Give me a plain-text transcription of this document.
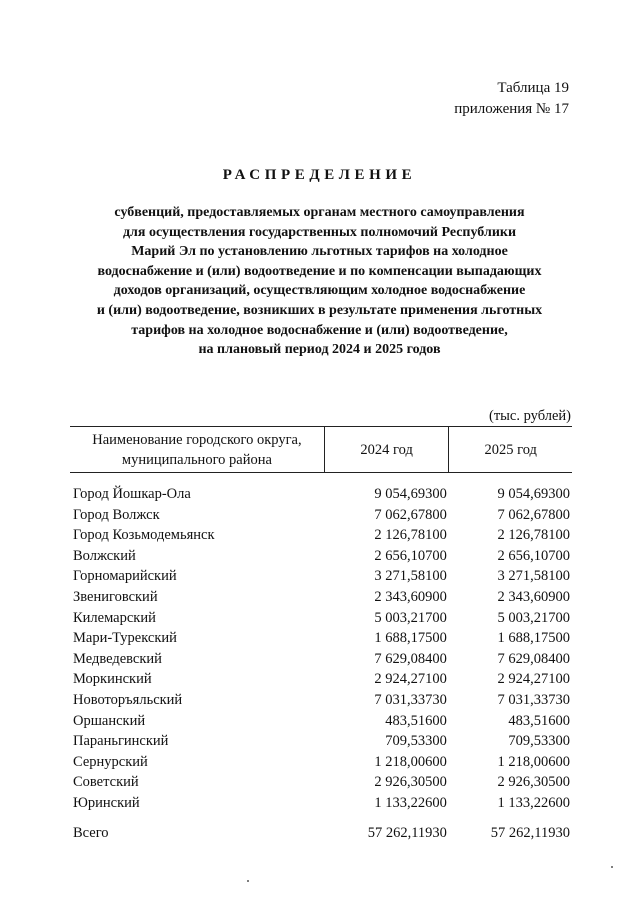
Таблица 19
приложения № 17
РАСПРЕДЕЛЕНИЕ
субвенций, предоставляемых органам местного самоуправления
для осуществления государственных полномочий Республики
Марий Эл по установлению льготных тарифов на холодное
водоснабжение и (или) водоотведение и по компенсации выпадающих
доходов организаций, осуществляющим холодное водоснабжение
и (или) водоотведение, возникших в результате применения льготных
тарифов на холодное водоснабжение и (или) водоотведение,
на плановый период 2024 и 2025 годов
(тыс. рублей)
Наименование городского округа,
муниципального района	2024 год	2025 год

Город Йошкар-Ола	9 054,69300	9 054,69300
Город Волжск	7 062,67800	7 062,67800
Город Козьмодемьянск	2 126,78100	2 126,78100
Волжский	2 656,10700	2 656,10700
Горномарийский	3 271,58100	3 271,58100
Звениговский	2 343,60900	2 343,60900
Килемарский	5 003,21700	5 003,21700
Мари-Турекский	1 688,17500	1 688,17500
Медведевский	7 629,08400	7 629,08400
Моркинский	2 924,27100	2 924,27100
Новоторъяльский	7 031,33730	7 031,33730
Оршанский	483,51600	483,51600
Параньгинский	709,53300	709,53300
Сернурский	1 218,00600	1 218,00600
Советский	2 926,30500	2 926,30500
Юринский	1 133,22600	1 133,22600

Всего	57 262,11930	57 262,11930
